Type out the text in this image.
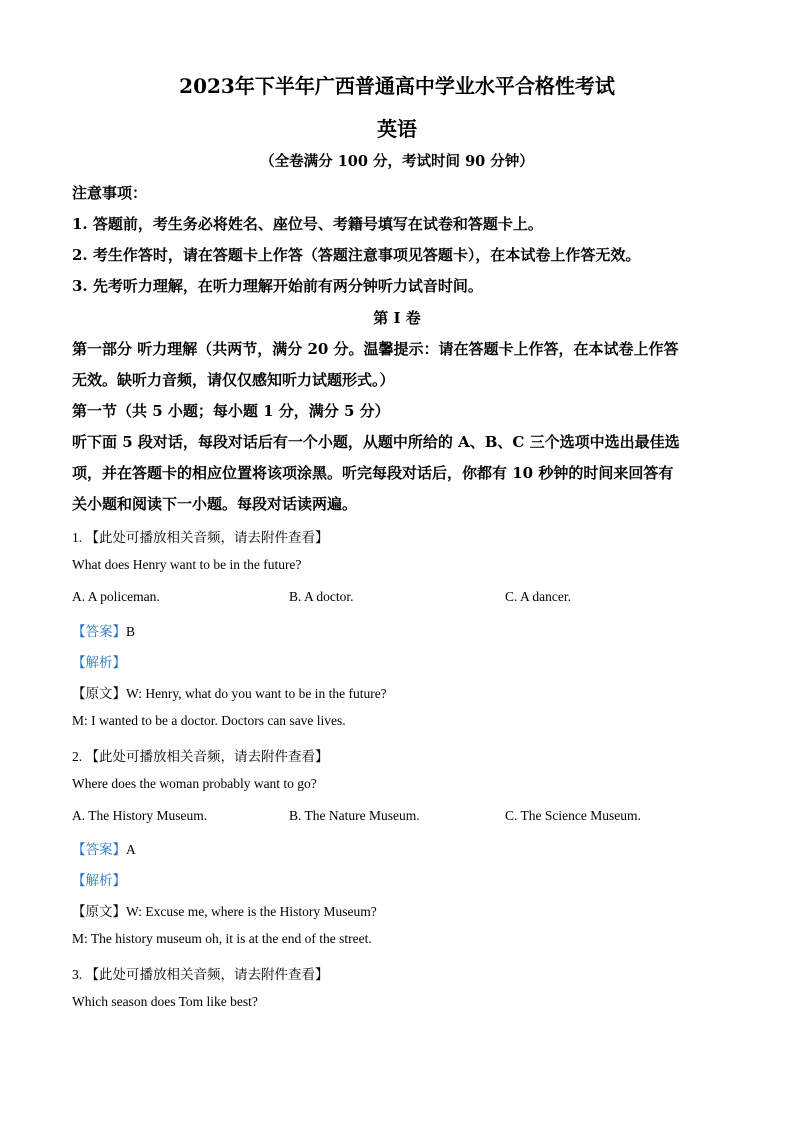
2023年下半年广西普通高中学业水平合格性考试
英语
（全卷满分 100 分，考试时间 90 分钟）
注意事项：
1. 答题前，考生务必将姓名、座位号、考籍号填写在试卷和答题卡上。
2. 考生作答时，请在答题卡上作答（答题注意事项见答题卡），在本试卷上作答无效。
3. 先考听力理解，在听力理解开始前有两分钟听力试音时间。
第 I 卷
第一部分 听力理解（共两节，满分 20 分。温馨提示：请在答题卡上作答，在本试卷上作答
无效。缺听力音频，请仅仅感知听力试题形式。）
第一节（共 5 小题；每小题 1 分，满分 5 分）
听下面 5 段对话，每段对话后有一个小题，从题中所给的 A、B、C 三个选项中选出最佳选
项，并在答题卡的相应位置将该项涂黑。听完每段对话后，你都有 10 秒钟的时间来回答有
关小题和阅读下一小题。每段对话读两遍。
1. 【此处可播放相关音频，请去附件查看】
What does Henry want to be in the future?
A. A policeman.	B. A doctor.	C. A dancer.
【答案】B
【解析】
【原文】W: Henry, what do you want to be in the future?
M: I wanted to be a doctor. Doctors can save lives.
2. 【此处可播放相关音频，请去附件查看】
Where does the woman probably want to go?
A. The History Museum.	B. The Nature Museum.	C. The Science Museum.
【答案】A
【解析】
【原文】W: Excuse me, where is the History Museum?
M: The history museum oh, it is at the end of the street.
3. 【此处可播放相关音频，请去附件查看】
Which season does Tom like best?
